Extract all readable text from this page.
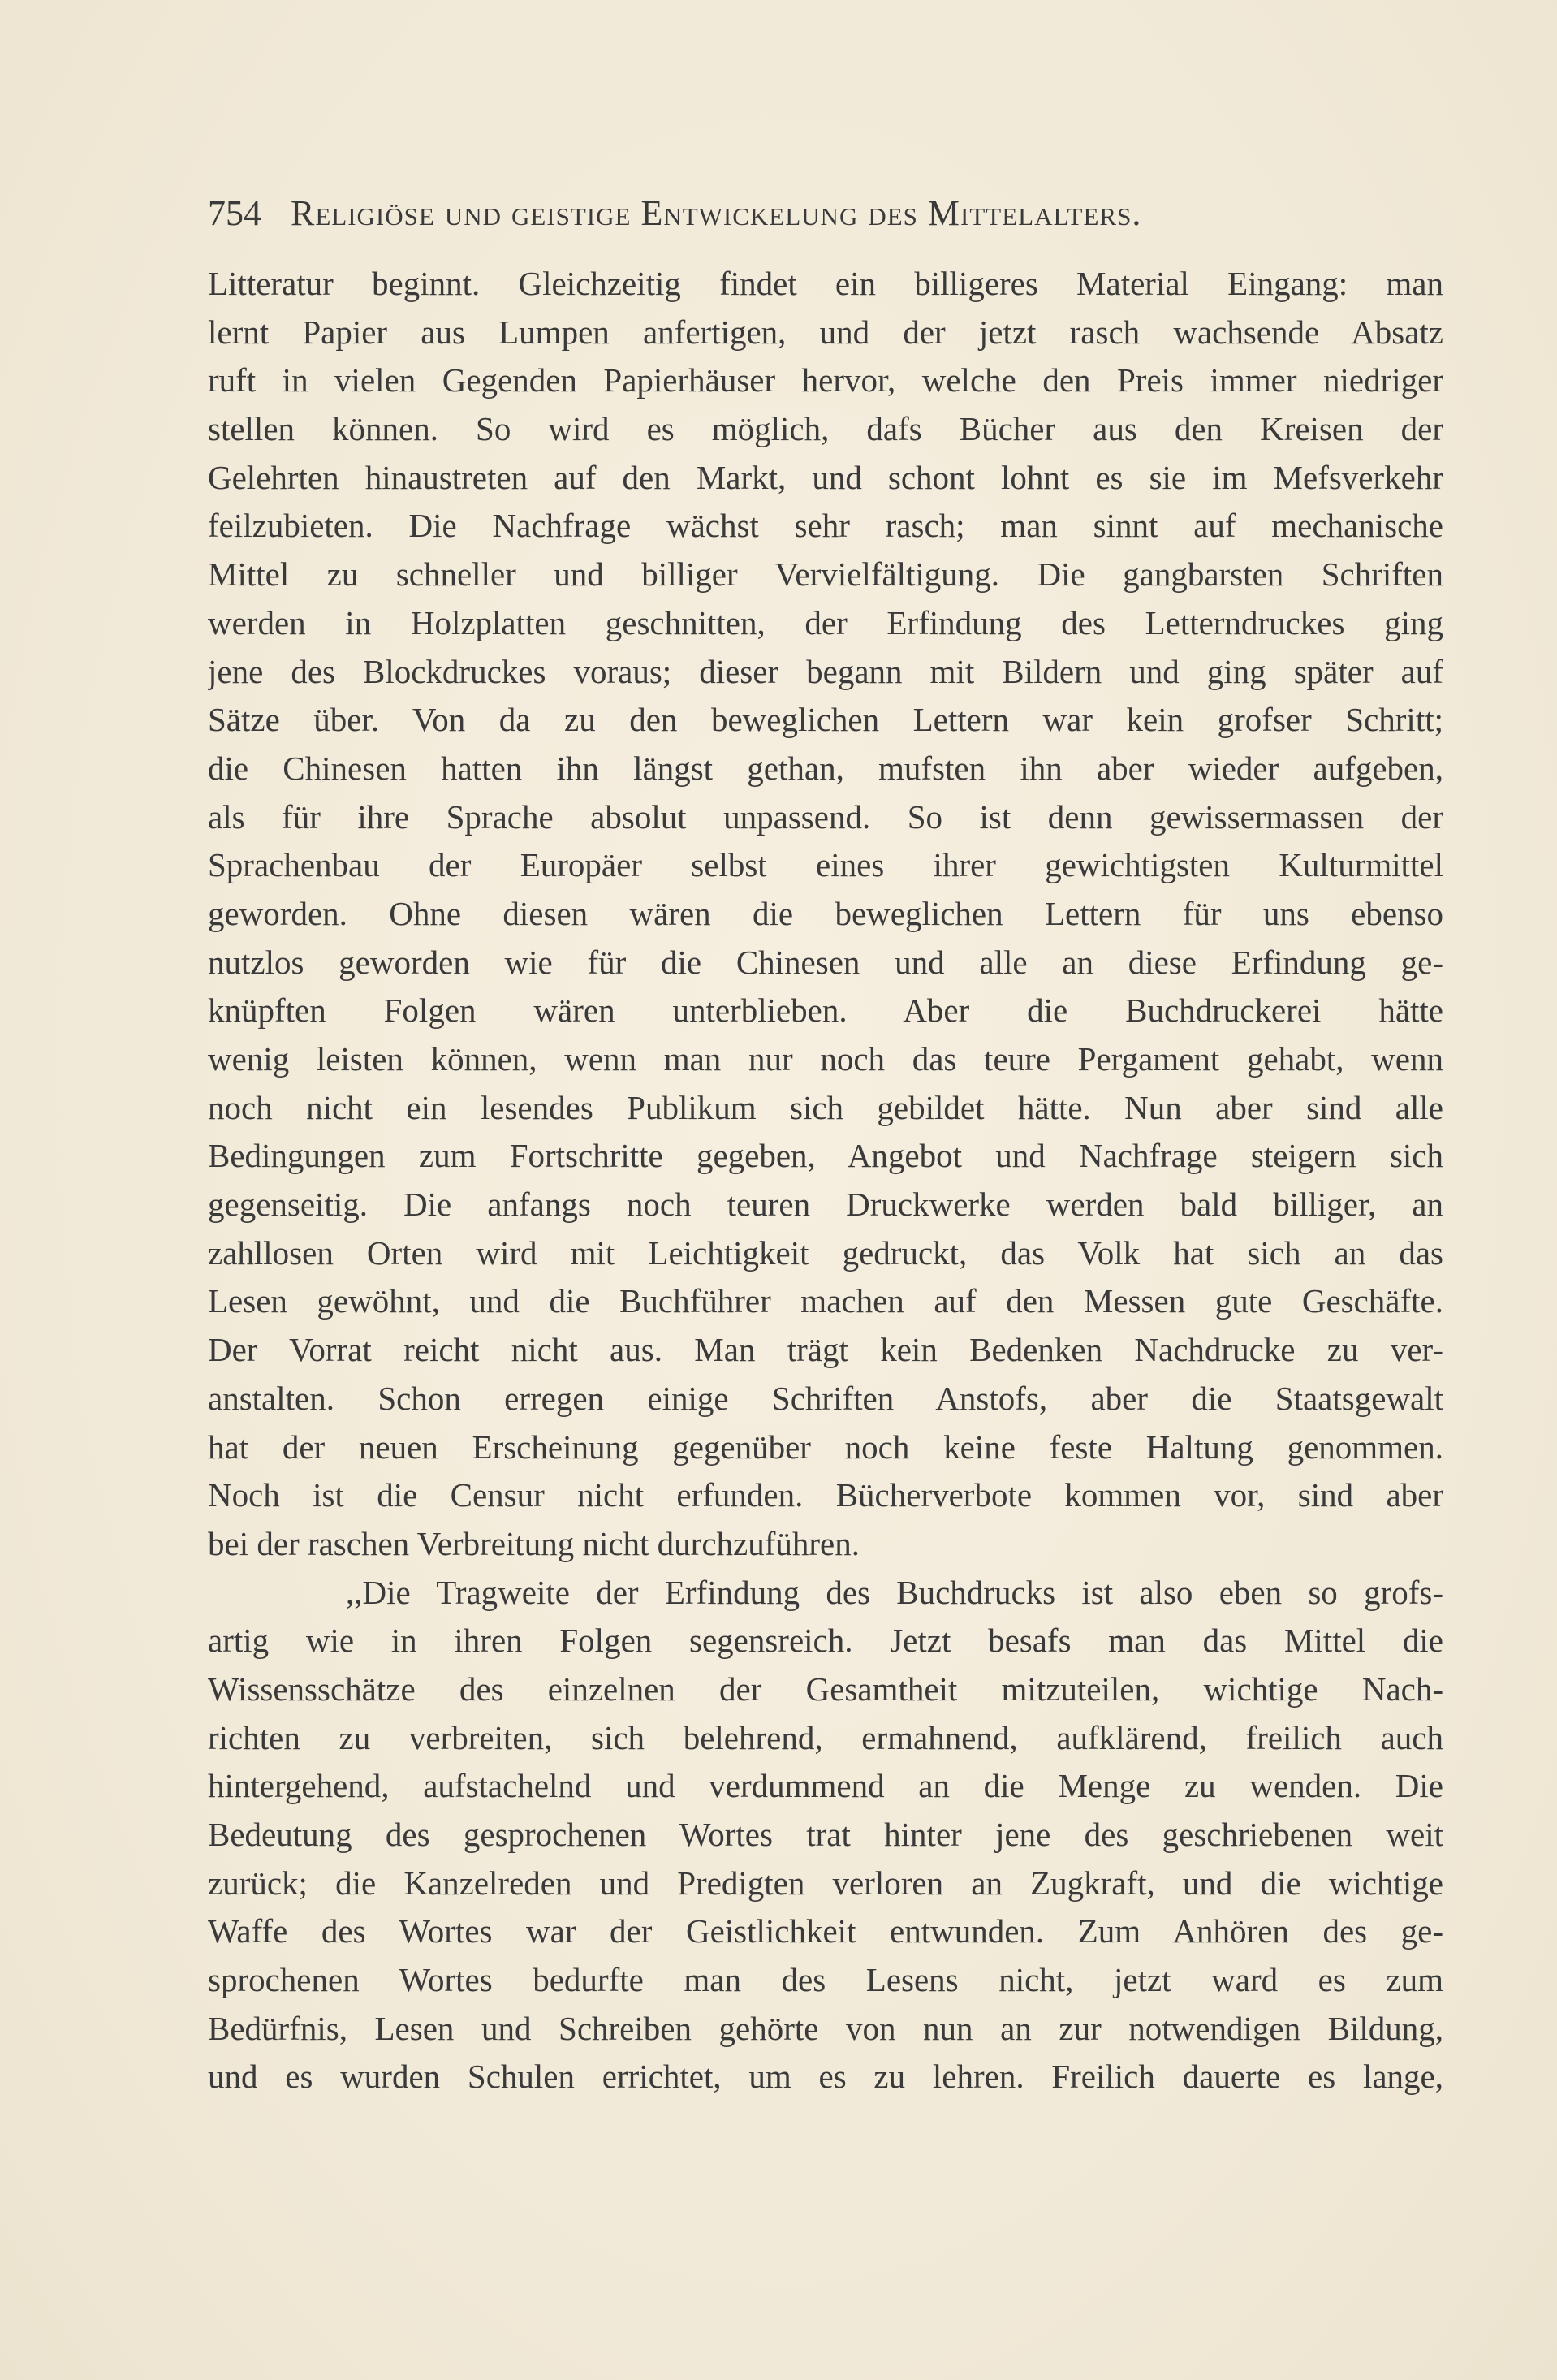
754 Religiöse und geistige Entwickelung des Mittelalters.
Litteratur beginnt. Gleichzeitig findet ein billigeres Material Eingang: man
lernt Papier aus Lumpen anfertigen, und der jetzt rasch wachsende Absatz
ruft in vielen Gegenden Papierhäuser hervor, welche den Preis immer niedriger
stellen können. So wird es möglich, dafs Bücher aus den Kreisen der
Gelehrten hinaustreten auf den Markt, und schont lohnt es sie im Mefsverkehr
feilzubieten. Die Nachfrage wächst sehr rasch; man sinnt auf mechanische
Mittel zu schneller und billiger Vervielfältigung. Die gangbarsten Schriften
werden in Holzplatten geschnitten, der Erfindung des Letterndruckes ging
jene des Blockdruckes voraus; dieser begann mit Bildern und ging später auf
Sätze über. Von da zu den beweglichen Lettern war kein grofser Schritt;
die Chinesen hatten ihn längst gethan, mufsten ihn aber wieder aufgeben,
als für ihre Sprache absolut unpassend. So ist denn gewissermassen der
Sprachenbau der Europäer selbst eines ihrer gewichtigsten Kulturmittel
geworden. Ohne diesen wären die beweglichen Lettern für uns ebenso
nutzlos geworden wie für die Chinesen und alle an diese Erfindung ge-
knüpften Folgen wären unterblieben. Aber die Buchdruckerei hätte
wenig leisten können, wenn man nur noch das teure Pergament gehabt, wenn
noch nicht ein lesendes Publikum sich gebildet hätte. Nun aber sind alle
Bedingungen zum Fortschritte gegeben, Angebot und Nachfrage steigern sich
gegenseitig. Die anfangs noch teuren Druckwerke werden bald billiger, an
zahllosen Orten wird mit Leichtigkeit gedruckt, das Volk hat sich an das
Lesen gewöhnt, und die Buchführer machen auf den Messen gute Geschäfte.
Der Vorrat reicht nicht aus. Man trägt kein Bedenken Nachdrucke zu ver-
anstalten. Schon erregen einige Schriften Anstofs, aber die Staatsgewalt
hat der neuen Erscheinung gegenüber noch keine feste Haltung genommen.
Noch ist die Censur nicht erfunden. Bücherverbote kommen vor, sind aber
bei der raschen Verbreitung nicht durchzuführen.
,,Die Tragweite der Erfindung des Buchdrucks ist also eben so grofs-
artig wie in ihren Folgen segensreich. Jetzt besafs man das Mittel die
Wissensschätze des einzelnen der Gesamtheit mitzuteilen, wichtige Nach-
richten zu verbreiten, sich belehrend, ermahnend, aufklärend, freilich auch
hintergehend, aufstachelnd und verdummend an die Menge zu wenden. Die
Bedeutung des gesprochenen Wortes trat hinter jene des geschriebenen weit
zurück; die Kanzelreden und Predigten verloren an Zugkraft, und die wichtige
Waffe des Wortes war der Geistlichkeit entwunden. Zum Anhören des ge-
sprochenen Wortes bedurfte man des Lesens nicht, jetzt ward es zum
Bedürfnis, Lesen und Schreiben gehörte von nun an zur notwendigen Bildung,
und es wurden Schulen errichtet, um es zu lehren. Freilich dauerte es lange,
